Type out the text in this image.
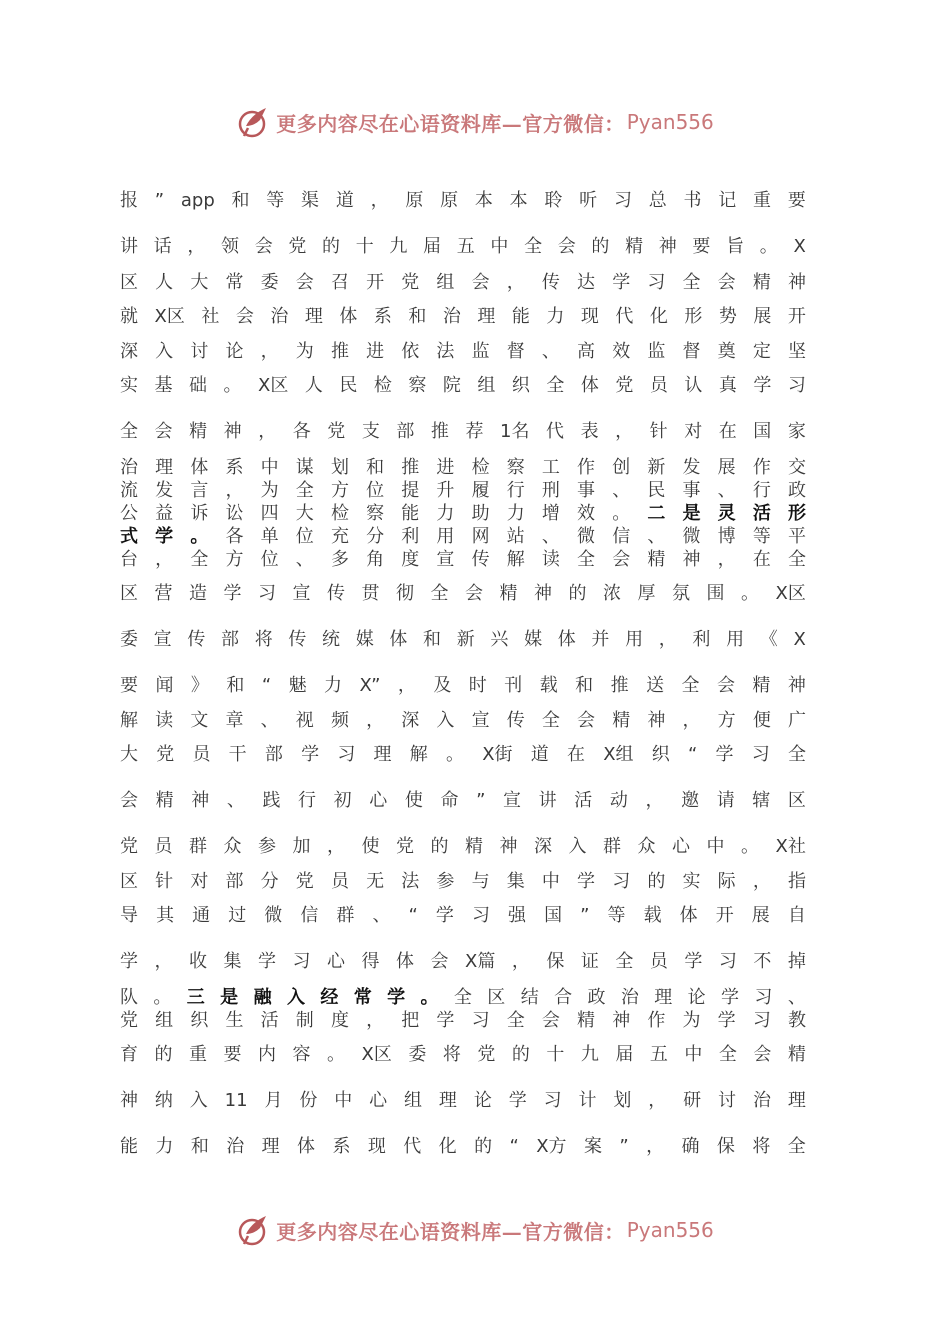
更多内容尽在心语资料库—官方微信： Pyan556
报 ” app 和 等 渠 道 ， 原 原 本 本 聆 听 习 总 书 记 重 要
讲 话 ， 领 会 党 的 十 九 届 五 中 全 会 的 精 神 要 旨 。 X
区 人 大 常 委 会 召 开 党 组 会 ， 传 达 学 习 全 会 精 神
就 X区 社 会 治 理 体 系 和 治 理 能 力 现 代 化 形 势 展 开
深 入 讨 论 ， 为 推 进 依 法 监 督 、 高 效 监 督 奠 定 坚
实 基 础 。 X区 人 民 检 察 院 组 织 全 体 党 员 认 真 学 习
全 会 精 神 ， 各 党 支 部 推 荐 1名 代 表 ， 针 对 在 国 家
治 理 体 系 中 谋 划 和 推 进 检 察 工 作 创 新 发 展 作 交
流 发 言 ， 为 全 方 位 提 升 履 行 刑 事 、 民 事 、 行 政
公 益 诉 讼 四 大 检 察 能 力 助 力 增 效 。 二 是 灵 活 形
式 学 。 各 单 位 充 分 利 用 网 站 、 微 信 、 微 博 等 平
台 ， 全 方 位 、 多 角 度 宣 传 解 读 全 会 精 神 ， 在 全
区 营 造 学 习 宣 传 贯 彻 全 会 精 神 的 浓 厚 氛 围 。 X区
委 宣 传 部 将 传 统 媒 体 和 新 兴 媒 体 并 用 ， 利 用 《 X
要 闻 》 和 “ 魅 力 X” ， 及 时 刊 载 和 推 送 全 会 精 神
解 读 文 章 、 视 频 ， 深 入 宣 传 全 会 精 神 ， 方 便 广
大 党 员 干 部 学 习 理 解 。 X街 道 在 X组 织 “ 学 习 全
会 精 神 、 践 行 初 心 使 命 ” 宣 讲 活 动 ， 邀 请 辖 区
党 员 群 众 参 加 ， 使 党 的 精 神 深 入 群 众 心 中 。 X社
区 针 对 部 分 党 员 无 法 参 与 集 中 学 习 的 实 际 ， 指
导 其 通 过 微 信 群 、 “ 学 习 强 国 ” 等 载 体 开 展 自
学 ， 收 集 学 习 心 得 体 会 X篇 ， 保 证 全 员 学 习 不 掉
队 。 三 是 融 入 经 常 学 。 全 区 结 合 政 治 理 论 学 习 、
党 组 织 生 活 制 度 ， 把 学 习 全 会 精 神 作 为 学 习 教
育 的 重 要 内 容 。 X区 委 将 党 的 十 九 届 五 中 全 会 精
神 纳 入 11 月 份 中 心 组 理 论 学 习 计 划 ， 研 讨 治 理
能 力 和 治 理 体 系 现 代 化 的 “ X方 案 ” ， 确 保 将 全
更多内容尽在心语资料库—官方微信： Pyan556
